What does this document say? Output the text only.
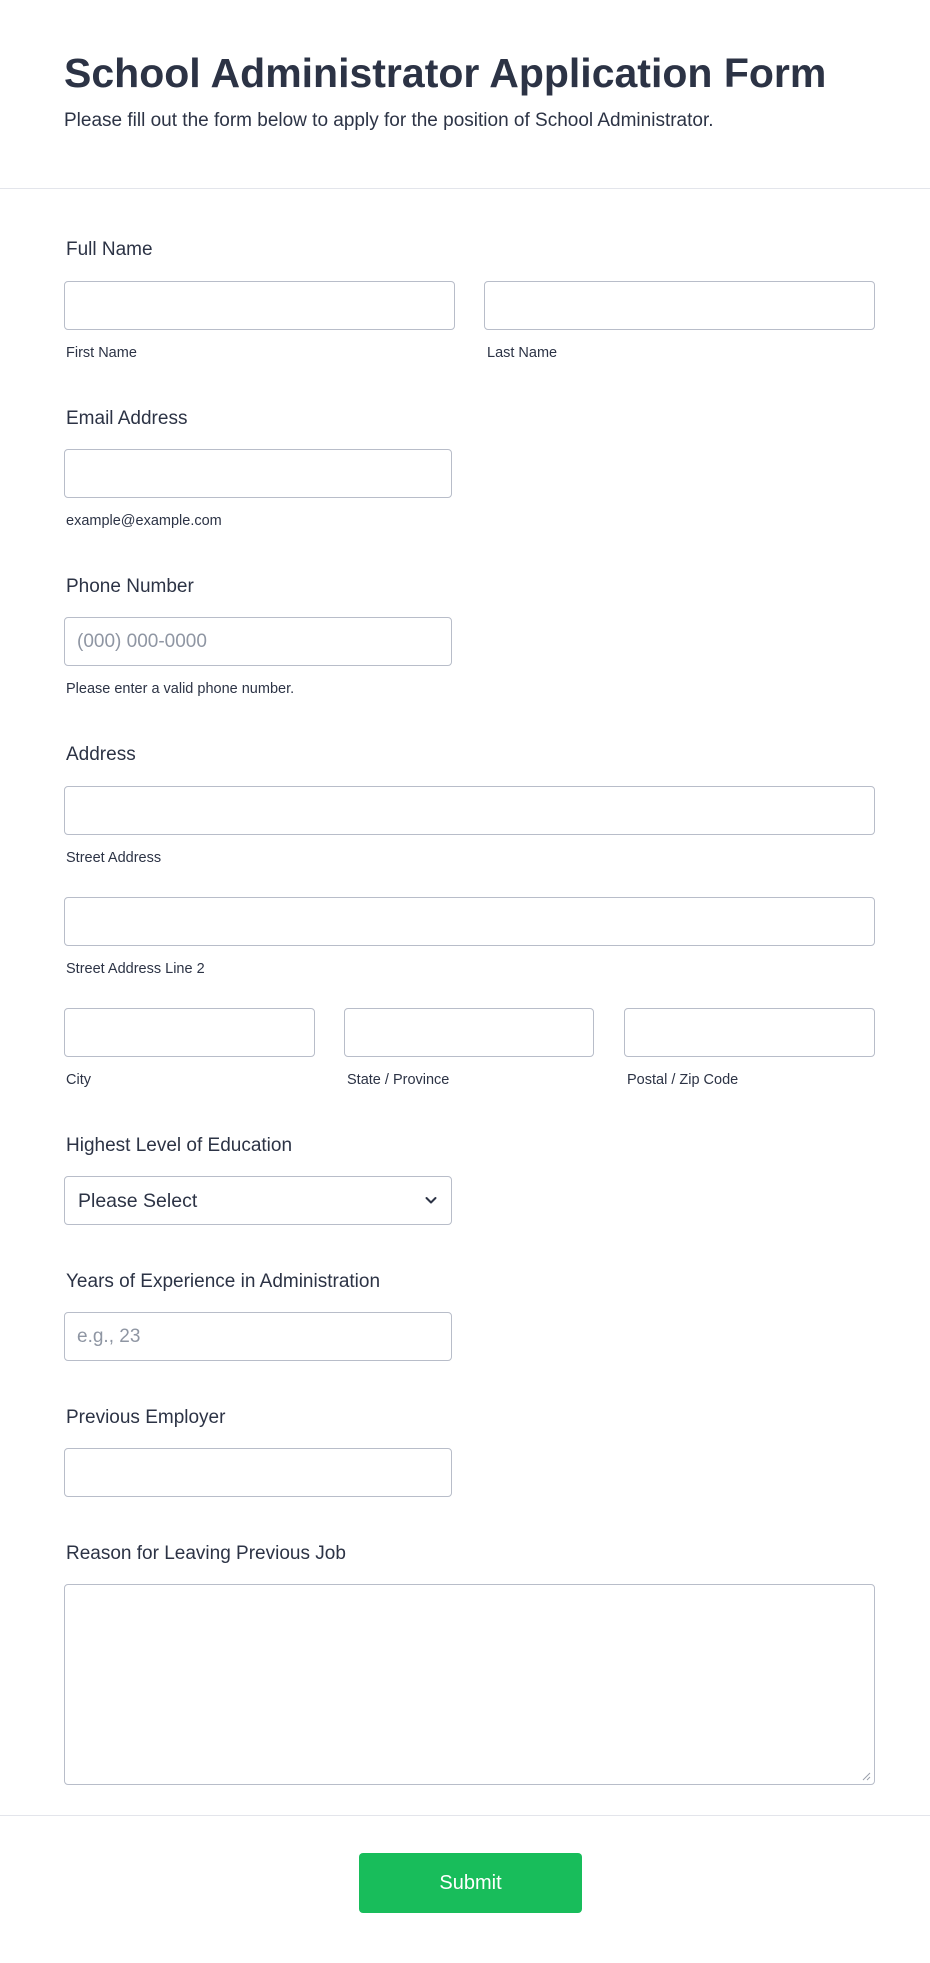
School Administrator Application Form

Please fill out the form below to apply for the position of School Administrator.

Full Name
First Name	Last Name
Email Address
example@example.com
Phone Number
(000) 000-0000
Please enter a valid phone number.
Address
Street Address
Street Address Line 2
City	State / Province	Postal / Zip Code
Highest Level of Education
Please Select
Years of Experience in Administration
e.g., 23
Previous Employer
Reason for Leaving Previous Job
Submit
